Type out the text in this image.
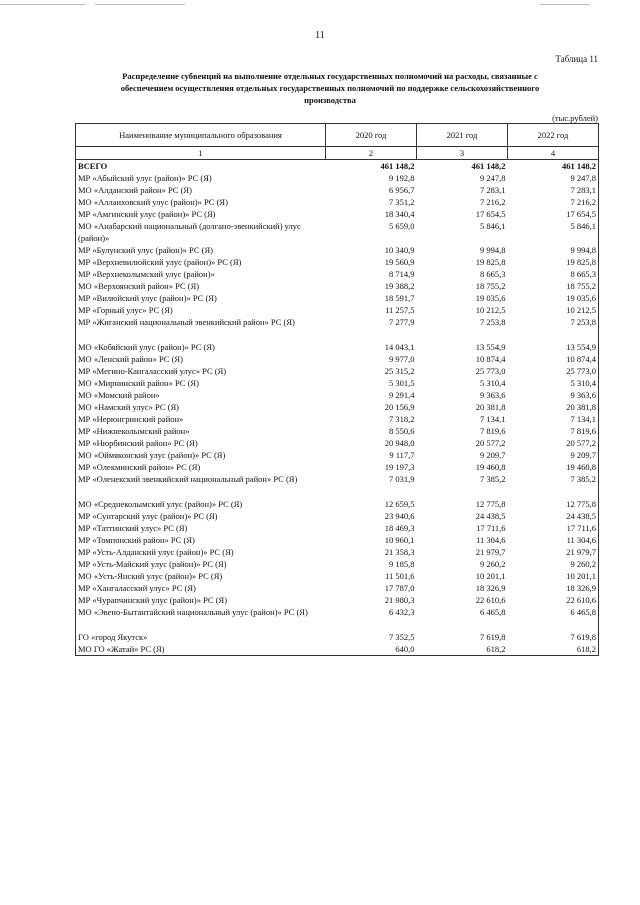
11
Таблица 11
Распределение субвенций на выполнение отдельных государственных полномочий на расходы, связанные с обеспечением осуществления отдельных государственных полномочий по поддержке сельскохозяйственного производства
(тыс.рублей)
Наименование муниципального образования	2020 год	2021 год	2022 год
1	2	3	4
ВСЕГО	461 148,2	461 148,2	461 148,2
МР «Абыйский улус (район)» РС (Я)	9 192,8	9 247,8	9 247,8
МО «Алданский район» РС (Я)	6 956,7	7 283,1	7 283,1
МО «Аллаиховский улус (район)» РС (Я)	7 351,2	7 216,2	7 216,2
МР «Амгинский улус (район)» РС (Я)	18 340,4	17 654,5	17 654,5
МО «Анабарский национальный (долгано-эвенкийский) улус (район)»	5 659,0	5 846,1	5 846,1
МР «Булунский улус (район)» РС (Я)	10 340,9	9 994,8	9 994,8
МР «Верхневилюйский улус (район)» РС (Я)	19 560,9	19 825,8	19 825,8
МР «Верхнеколымский улус (район)»	8 714,9	8 665,3	8 665,3
МО «Верхоянский район» РС (Я)	19 388,2	18 755,2	18 755,2
МР «Вилюйский улус (район)» РС (Я)	18 591,7	19 035,6	19 035,6
МР «Горный улус» РС (Я)	11 257,5	10 212,5	10 212,5
МР «Жиганский национальный эвенкийский район» РС (Я)	7 277,9	7 253,8	7 253,8

МО «Кобяйский улус (район)» РС (Я)	14 043,1	13 554,9	13 554,9
МО «Ленский район» РС (Я)	9 977,0	10 874,4	10 874,4
МР «Мегино-Кангаласский улус» РС (Я)	25 315,2	25 773,0	25 773,0
МО «Мирнинский район» РС (Я)	5 301,5	5 310,4	5 310,4
МО «Момский район»	9 291,4	9 363,6	9 363,6
МО «Намский улус» РС (Я)	20 156,9	20 381,8	20 381,8
МР «Нерюнгринский район»	7 318,2	7 134,1	7 134,1
МР «Нижнеколымский район»	8 550,6	7 819,6	7 819,6
МР «Нюрбинский район» РС (Я)	20 948,0	20 577,2	20 577,2
МО «Оймяконский улус (район)» РС (Я)	9 117,7	9 209,7	9 209,7
МР «Олекминский район» РС (Я)	19 197,3	19 460,8	19 460,8
МР «Оленекский эвенкийский национальный район» РС (Я)	7 031,9	7 385,2	7 385,2

МО «Среднеколымский улус (район)» РС (Я)	12 659,5	12 775,8	12 775,8
МР «Сунтарский улус (район)» РС (Я)	23 940,6	24 438,5	24 438,5
МР «Таттинский улус» РС (Я)	18 469,3	17 711,6	17 711,6
МР «Томпонский район» РС (Я)	10 960,1	11 304,6	11 304,6
МР «Усть-Алданский улус (район)» РС (Я)	21 358,3	21 979,7	21 979,7
МР «Усть-Майский улус (район)» РС (Я)	9 185,8	9 260,2	9 260,2
МО «Усть-Янский улус (район)» РС (Я)	11 501,6	10 201,1	10 201,1
МР «Хангаласский улус» РС (Я)	17 787,0	18 326,9	18 326,9
МР «Чурапчинский улус (район)» РС (Я)	21 980,3	22 610,6	22 610,6
МО «Эвено-Бытантайский национальный улус (район)» РС (Я)	6 432,3	6 465,8	6 465,8

ГО «город Якутск»	7 352,5	7 619,8	7 619,8
МО ГО «Жатай» РС (Я)	640,0	618,2	618,2
